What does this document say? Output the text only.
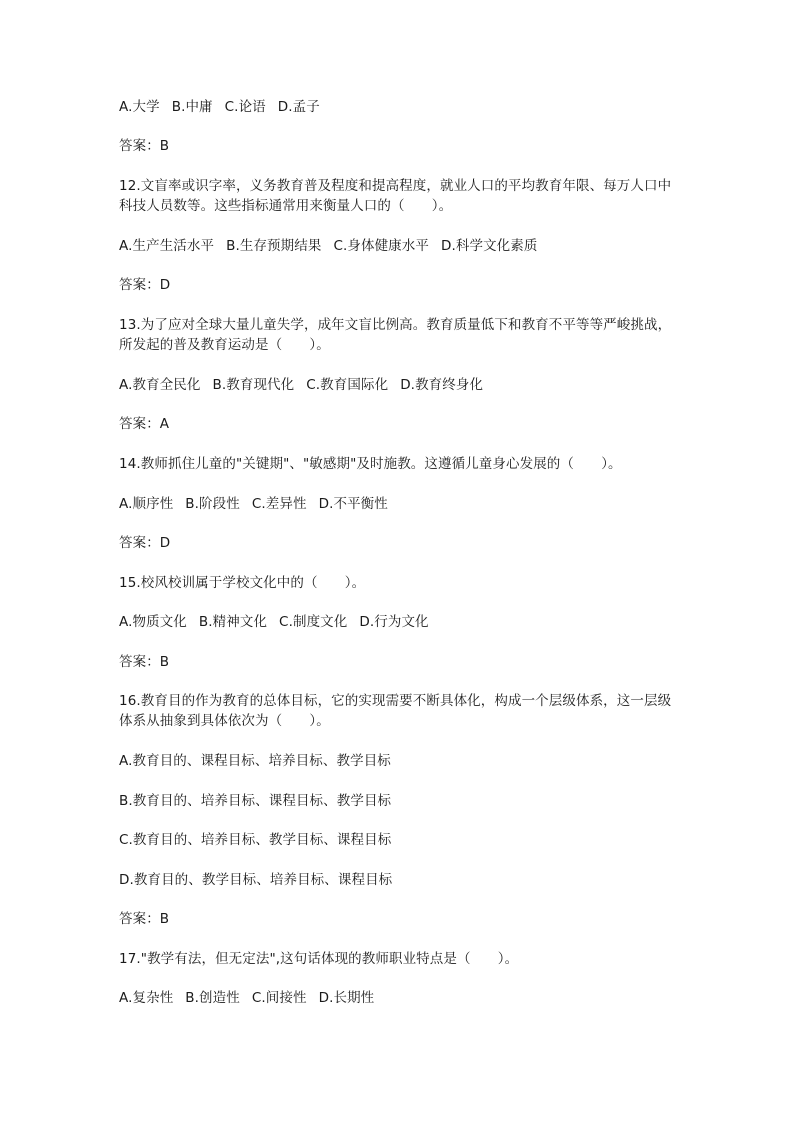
A.大学 B.中庸 C.论语 D.孟子
答案：B
12.文盲率或识字率，义务教育普及程度和提高程度，就业人口的平均教育年限、每万人口中科技人员数等。这些指标通常用来衡量人口的（　　）。
A.生产生活水平 B.生存预期结果 C.身体健康水平 D.科学文化素质
答案：D
13.为了应对全球大量儿童失学，成年文盲比例高。教育质量低下和教育不平等等严峻挑战，所发起的普及教育运动是（　　）。
A.教育全民化 B.教育现代化 C.教育国际化 D.教育终身化
答案：A
14.教师抓住儿童的"关键期"、"敏感期"及时施教。这遵循儿童身心发展的（　　）。
A.顺序性 B.阶段性 C.差异性 D.不平衡性
答案：D
15.校风校训属于学校文化中的（　　）。
A.物质文化 B.精神文化 C.制度文化 D.行为文化
答案：B
16.教育目的作为教育的总体目标，它的实现需要不断具体化，构成一个层级体系，这一层级体系从抽象到具体依次为（　　）。
A.教育目的、课程目标、培养目标、教学目标
B.教育目的、培养目标、课程目标、教学目标
C.教育目的、培养目标、教学目标、课程目标
D.教育目的、教学目标、培养目标、课程目标
答案：B
17."教学有法，但无定法",这句话体现的教师职业特点是（　　）。
A.复杂性 B.创造性 C.间接性 D.长期性
